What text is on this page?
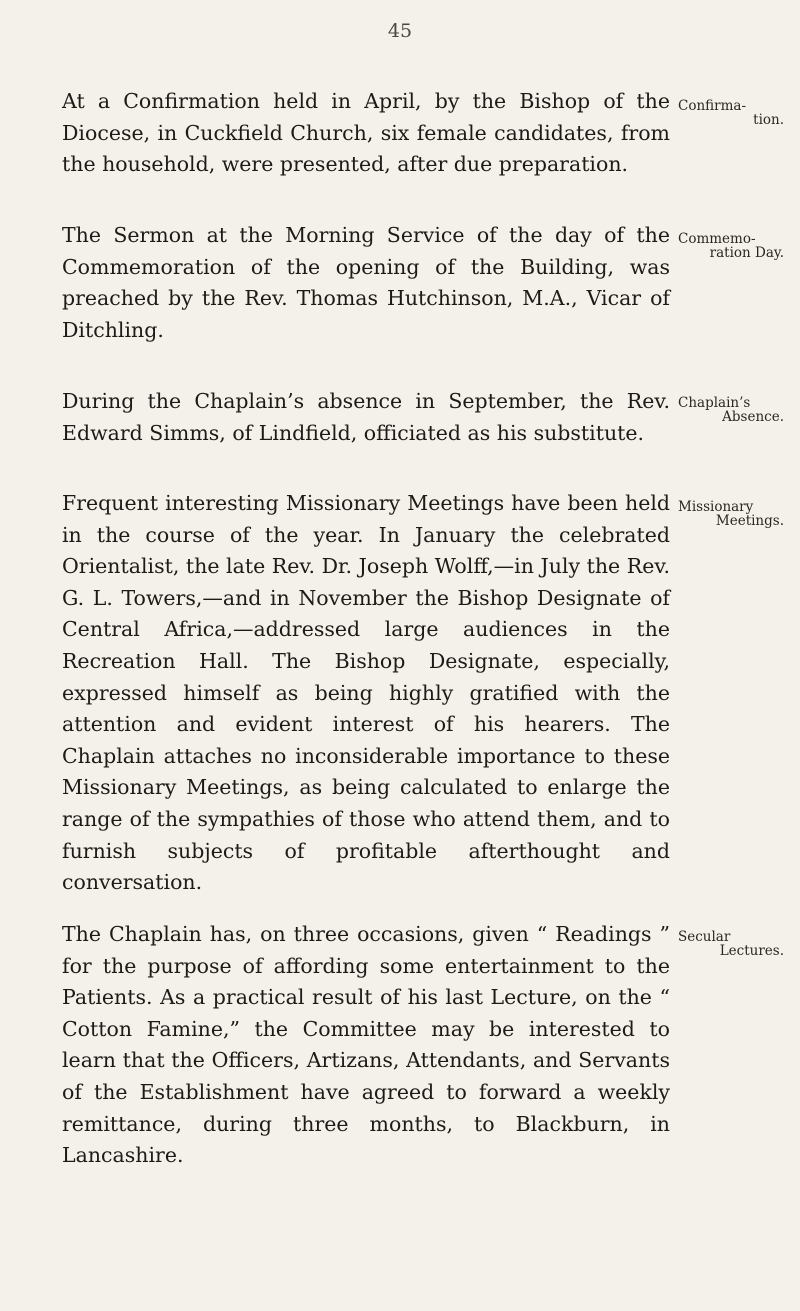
45

At a Confirmation held in April, by the Bishop of the Diocese, in Cuckfield Church, six female candidates, from the household, were presented, after due preparation.

Confirma-
tion.

The Sermon at the Morning Service of the day of the Commemoration of the opening of the Building, was preached by the Rev. Thomas Hutchinson, M.A., Vicar of Ditchling.

Commemo-
ration Day.

During the Chaplain’s absence in September, the Rev. Edward Simms, of Lindfield, officiated as his substitute.

Chaplain’s
Absence.

Frequent interesting Missionary Meetings have been held in the course of the year. In January the celebrated Orientalist, the late Rev. Dr. Joseph Wolff,—in July the Rev. G. L. Towers,—and in November the Bishop Designate of Central Africa,—addressed large audiences in the Recreation Hall. The Bishop Designate, especially, expressed himself as being highly gratified with the attention and evident interest of his hearers. The Chaplain attaches no inconsiderable importance to these Missionary Meetings, as being calculated to enlarge the range of the sympathies of those who attend them, and to furnish subjects of profitable afterthought and conversation.

Missionary
Meetings.

The Chaplain has, on three occasions, given “ Readings ” for the purpose of affording some entertainment to the Patients. As a practical result of his last Lecture, on the “ Cotton Famine,” the Committee may be interested to learn that the Officers, Artizans, Attendants, and Servants of the Establishment have agreed to forward a weekly remittance, during three months, to Blackburn, in Lancashire.

Secular
Lectures.
